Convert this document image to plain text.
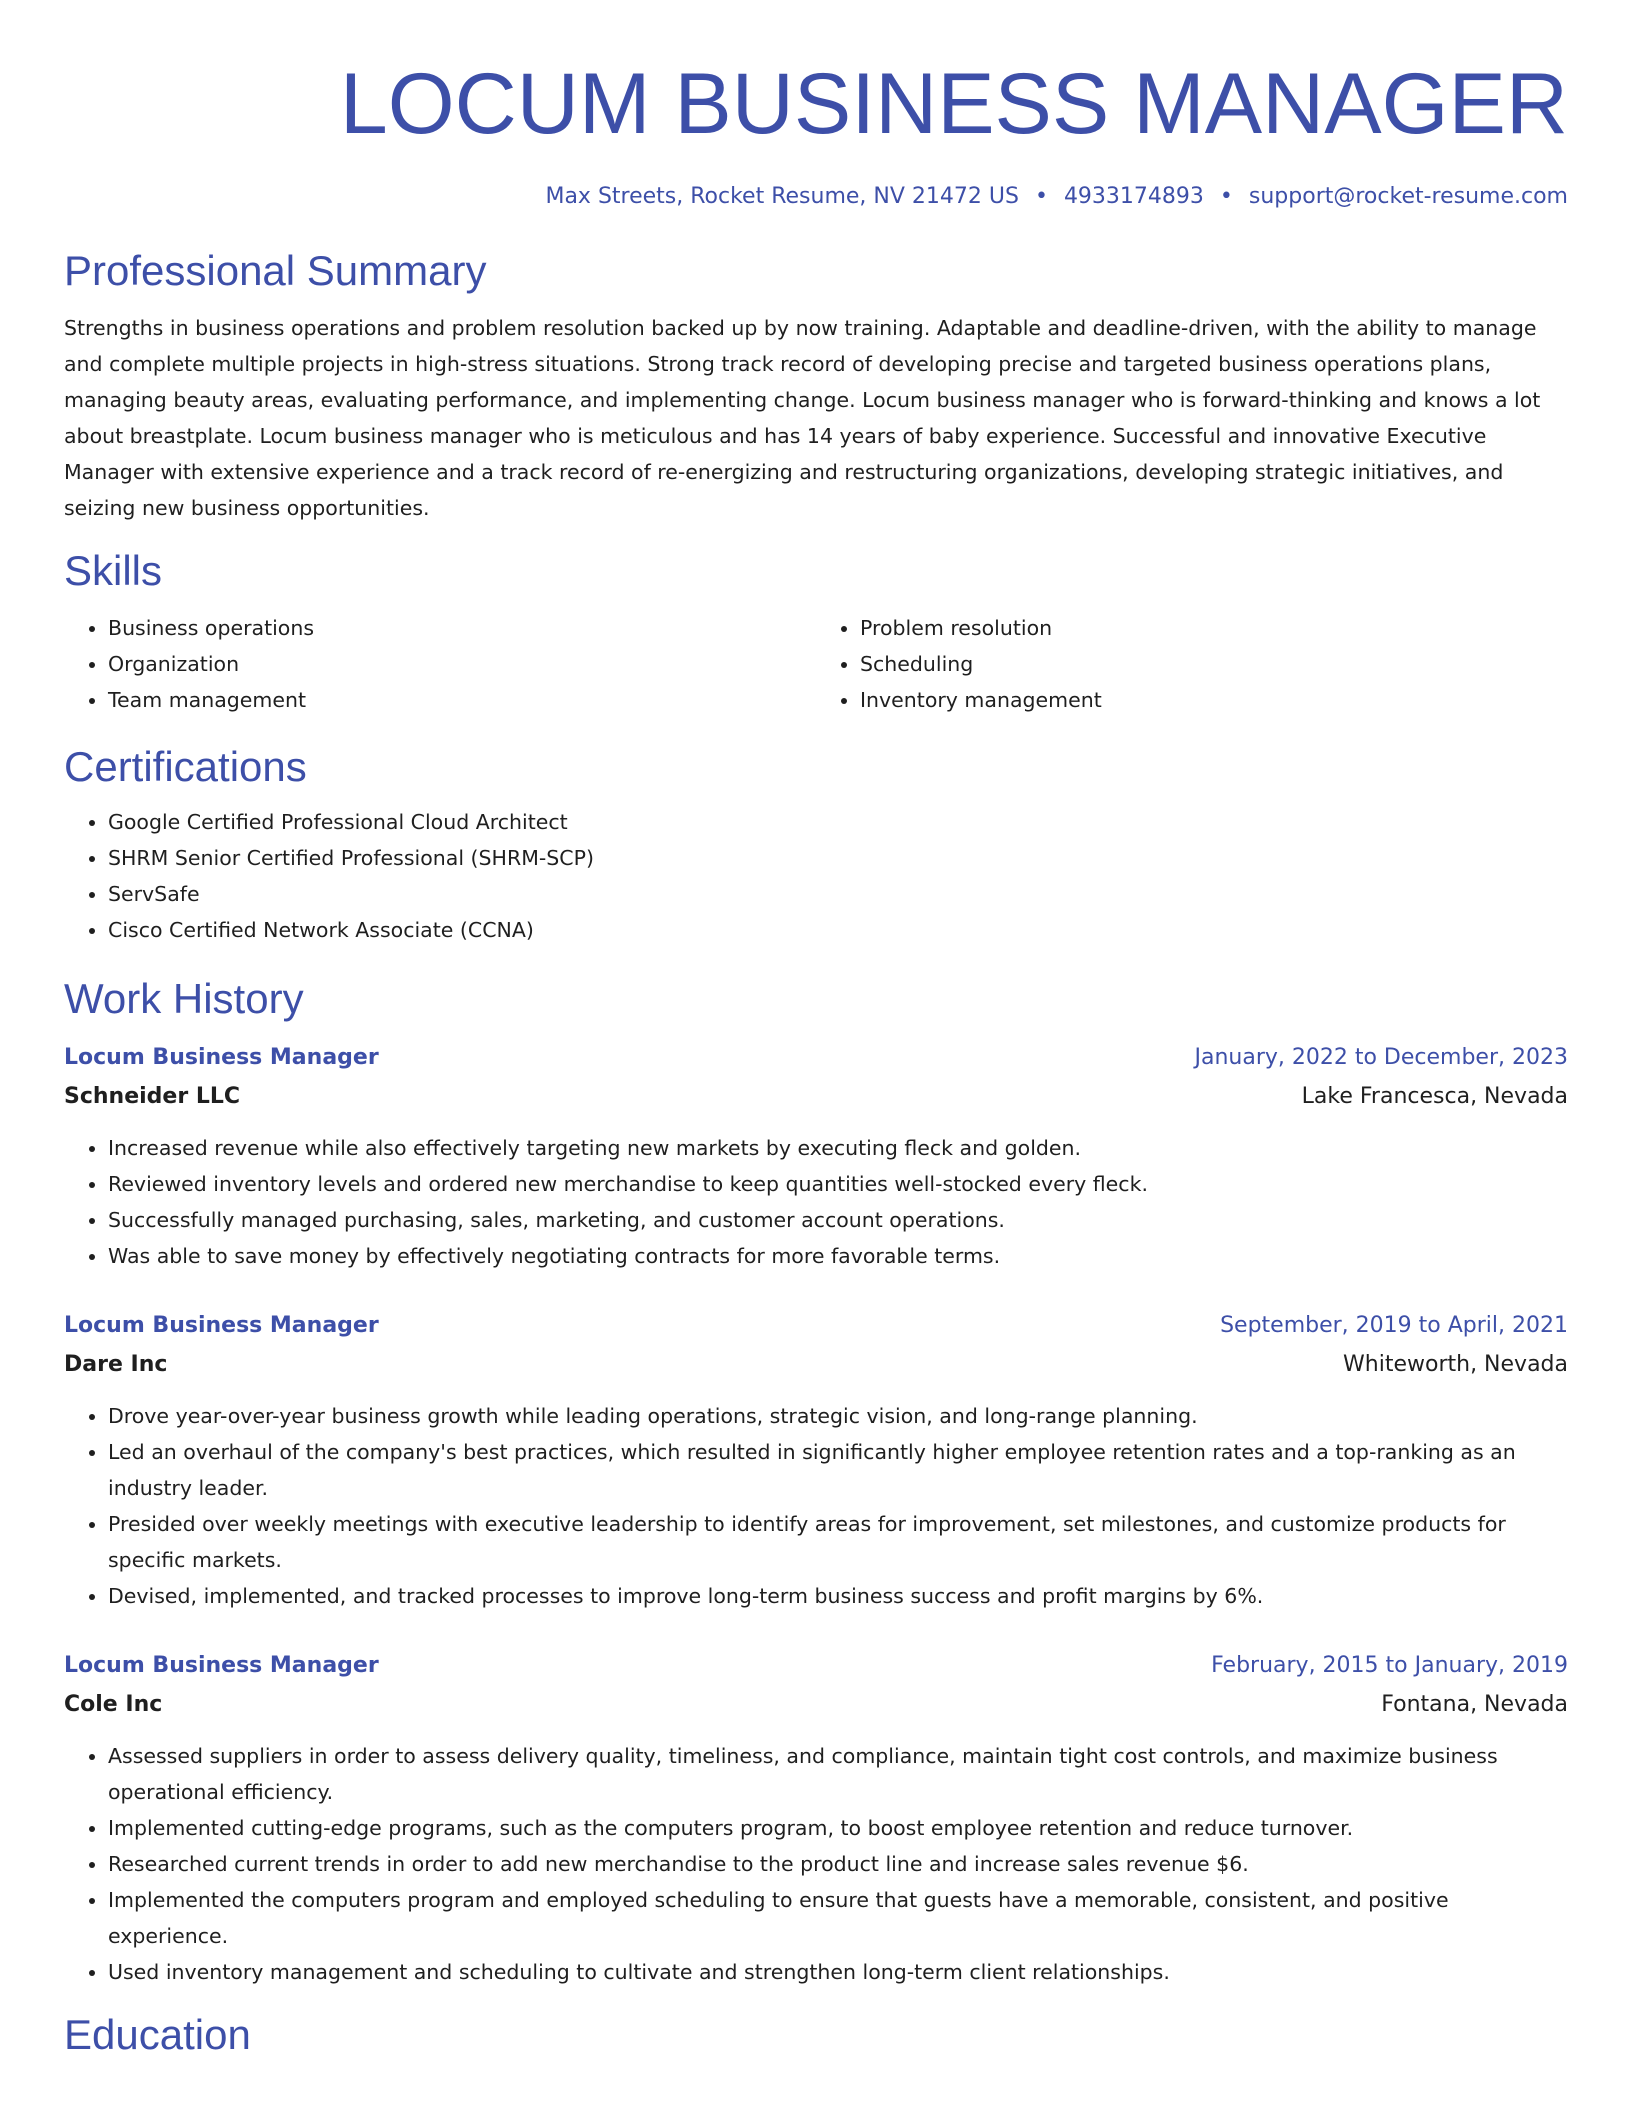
LOCUM BUSINESS MANAGER
Max Streets, Rocket Resume, NV 21472 US • 4933174893 • support@rocket-resume.com
Professional Summary

Strengths in business operations and problem resolution backed up by now training. Adaptable and deadline-driven, with the ability to manage and complete multiple projects in high-stress situations. Strong track record of developing precise and targeted business operations plans, managing beauty areas, evaluating performance, and implementing change. Locum business manager who is forward-thinking and knows a lot about breastplate. Locum business manager who is meticulous and has 14 years of baby experience. Successful and innovative Executive Manager with extensive experience and a track record of re-energizing and restructuring organizations, developing strategic initiatives, and seizing new business opportunities.

Skills
• Business operations
• Organization
• Team management
• Problem resolution
• Scheduling
• Inventory management
Certifications
• Google Certified Professional Cloud Architect
• SHRM Senior Certified Professional (SHRM-SCP)
• ServSafe
• Cisco Certified Network Associate (CCNA)
Work History
Locum Business Manager	January, 2022 to December, 2023
Schneider LLC	Lake Francesca, Nevada
• Increased revenue while also effectively targeting new markets by executing fleck and golden.
• Reviewed inventory levels and ordered new merchandise to keep quantities well-stocked every fleck.
• Successfully managed purchasing, sales, marketing, and customer account operations.
• Was able to save money by effectively negotiating contracts for more favorable terms.
Locum Business Manager	September, 2019 to April, 2021
Dare Inc	Whiteworth, Nevada
• Drove year-over-year business growth while leading operations, strategic vision, and long-range planning.
• Led an overhaul of the company's best practices, which resulted in significantly higher employee retention rates and a top-ranking as an industry leader.
• Presided over weekly meetings with executive leadership to identify areas for improvement, set milestones, and customize products for specific markets.
• Devised, implemented, and tracked processes to improve long-term business success and profit margins by 6%.
Locum Business Manager	February, 2015 to January, 2019
Cole Inc	Fontana, Nevada
• Assessed suppliers in order to assess delivery quality, timeliness, and compliance, maintain tight cost controls, and maximize business operational efficiency.
• Implemented cutting-edge programs, such as the computers program, to boost employee retention and reduce turnover.
• Researched current trends in order to add new merchandise to the product line and increase sales revenue $6.
• Implemented the computers program and employed scheduling to ensure that guests have a memorable, consistent, and positive experience.
• Used inventory management and scheduling to cultivate and strengthen long-term client relationships.
Education
